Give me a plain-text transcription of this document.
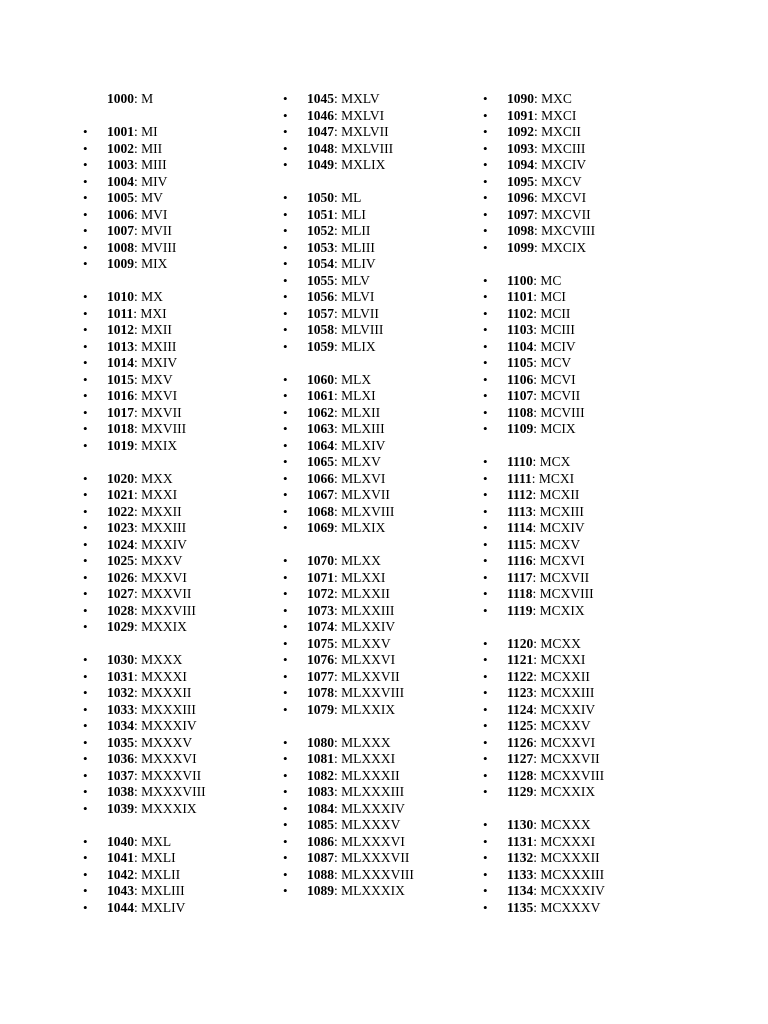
1000: M
• 1001: MI
• 1002: MII
• 1003: MIII
• 1004: MIV
• 1005: MV
• 1006: MVI
• 1007: MVII
• 1008: MVIII
• 1009: MIX
• 1010: MX
• 1011: MXI
• 1012: MXII
• 1013: MXIII
• 1014: MXIV
• 1015: MXV
• 1016: MXVI
• 1017: MXVII
• 1018: MXVIII
• 1019: MXIX
• 1020: MXX
• 1021: MXXI
• 1022: MXXII
• 1023: MXXIII
• 1024: MXXIV
• 1025: MXXV
• 1026: MXXVI
• 1027: MXXVII
• 1028: MXXVIII
• 1029: MXXIX
• 1030: MXXX
• 1031: MXXXI
• 1032: MXXXII
• 1033: MXXXIII
• 1034: MXXXIV
• 1035: MXXXV
• 1036: MXXXVI
• 1037: MXXXVII
• 1038: MXXXVIII
• 1039: MXXXIX
• 1040: MXL
• 1041: MXLI
• 1042: MXLII
• 1043: MXLIII
• 1044: MXLIV
• 1045: MXLV
• 1046: MXLVI
• 1047: MXLVII
• 1048: MXLVIII
• 1049: MXLIX
• 1050: ML
• 1051: MLI
• 1052: MLII
• 1053: MLIII
• 1054: MLIV
• 1055: MLV
• 1056: MLVI
• 1057: MLVII
• 1058: MLVIII
• 1059: MLIX
• 1060: MLX
• 1061: MLXI
• 1062: MLXII
• 1063: MLXIII
• 1064: MLXIV
• 1065: MLXV
• 1066: MLXVI
• 1067: MLXVII
• 1068: MLXVIII
• 1069: MLXIX
• 1070: MLXX
• 1071: MLXXI
• 1072: MLXXII
• 1073: MLXXIII
• 1074: MLXXIV
• 1075: MLXXV
• 1076: MLXXVI
• 1077: MLXXVII
• 1078: MLXXVIII
• 1079: MLXXIX
• 1080: MLXXX
• 1081: MLXXXI
• 1082: MLXXXII
• 1083: MLXXXIII
• 1084: MLXXXIV
• 1085: MLXXXV
• 1086: MLXXXVI
• 1087: MLXXXVII
• 1088: MLXXXVIII
• 1089: MLXXXIX
• 1090: MXC
• 1091: MXCI
• 1092: MXCII
• 1093: MXCIII
• 1094: MXCIV
• 1095: MXCV
• 1096: MXCVI
• 1097: MXCVII
• 1098: MXCVIII
• 1099: MXCIX
• 1100: MC
• 1101: MCI
• 1102: MCII
• 1103: MCIII
• 1104: MCIV
• 1105: MCV
• 1106: MCVI
• 1107: MCVII
• 1108: MCVIII
• 1109: MCIX
• 1110: MCX
• 1111: MCXI
• 1112: MCXII
• 1113: MCXIII
• 1114: MCXIV
• 1115: MCXV
• 1116: MCXVI
• 1117: MCXVII
• 1118: MCXVIII
• 1119: MCXIX
• 1120: MCXX
• 1121: MCXXI
• 1122: MCXXII
• 1123: MCXXIII
• 1124: MCXXIV
• 1125: MCXXV
• 1126: MCXXVI
• 1127: MCXXVII
• 1128: MCXXVIII
• 1129: MCXXIX
• 1130: MCXXX
• 1131: MCXXXI
• 1132: MCXXXII
• 1133: MCXXXIII
• 1134: MCXXXIV
• 1135: MCXXXV
